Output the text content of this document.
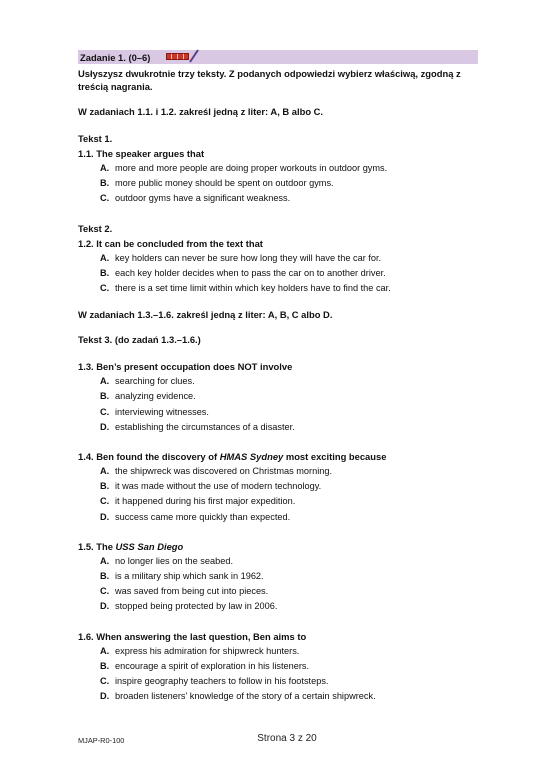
Zadanie 1. (0–6)
Usłyszysz dwukrotnie trzy teksty. Z podanych odpowiedzi wybierz właściwą, zgodną z treścią nagrania.
W zadaniach 1.1. i 1.2. zakreśl jedną z liter: A, B albo C.
Tekst 1.
1.1. The speaker argues that
A. more and more people are doing proper workouts in outdoor gyms.
B. more public money should be spent on outdoor gyms.
C. outdoor gyms have a significant weakness.
Tekst 2.
1.2. It can be concluded from the text that
A. key holders can never be sure how long they will have the car for.
B. each key holder decides when to pass the car on to another driver.
C. there is a set time limit within which key holders have to find the car.
W zadaniach 1.3.–1.6. zakreśl jedną z liter: A, B, C albo D.
Tekst 3. (do zadań 1.3.–1.6.)
1.3. Ben’s present occupation does NOT involve
A. searching for clues.
B. analyzing evidence.
C. interviewing witnesses.
D. establishing the circumstances of a disaster.
1.4. Ben found the discovery of HMAS Sydney most exciting because
A. the shipwreck was discovered on Christmas morning.
B. it was made without the use of modern technology.
C. it happened during his first major expedition.
D. success came more quickly than expected.
1.5. The USS San Diego
A. no longer lies on the seabed.
B. is a military ship which sank in 1962.
C. was saved from being cut into pieces.
D. stopped being protected by law in 2006.
1.6. When answering the last question, Ben aims to
A. express his admiration for shipwreck hunters.
B. encourage a spirit of exploration in his listeners.
C. inspire geography teachers to follow in his footsteps.
D. broaden listeners’ knowledge of the story of a certain shipwreck.
MJAP-R0-100	Strona 3 z 20
